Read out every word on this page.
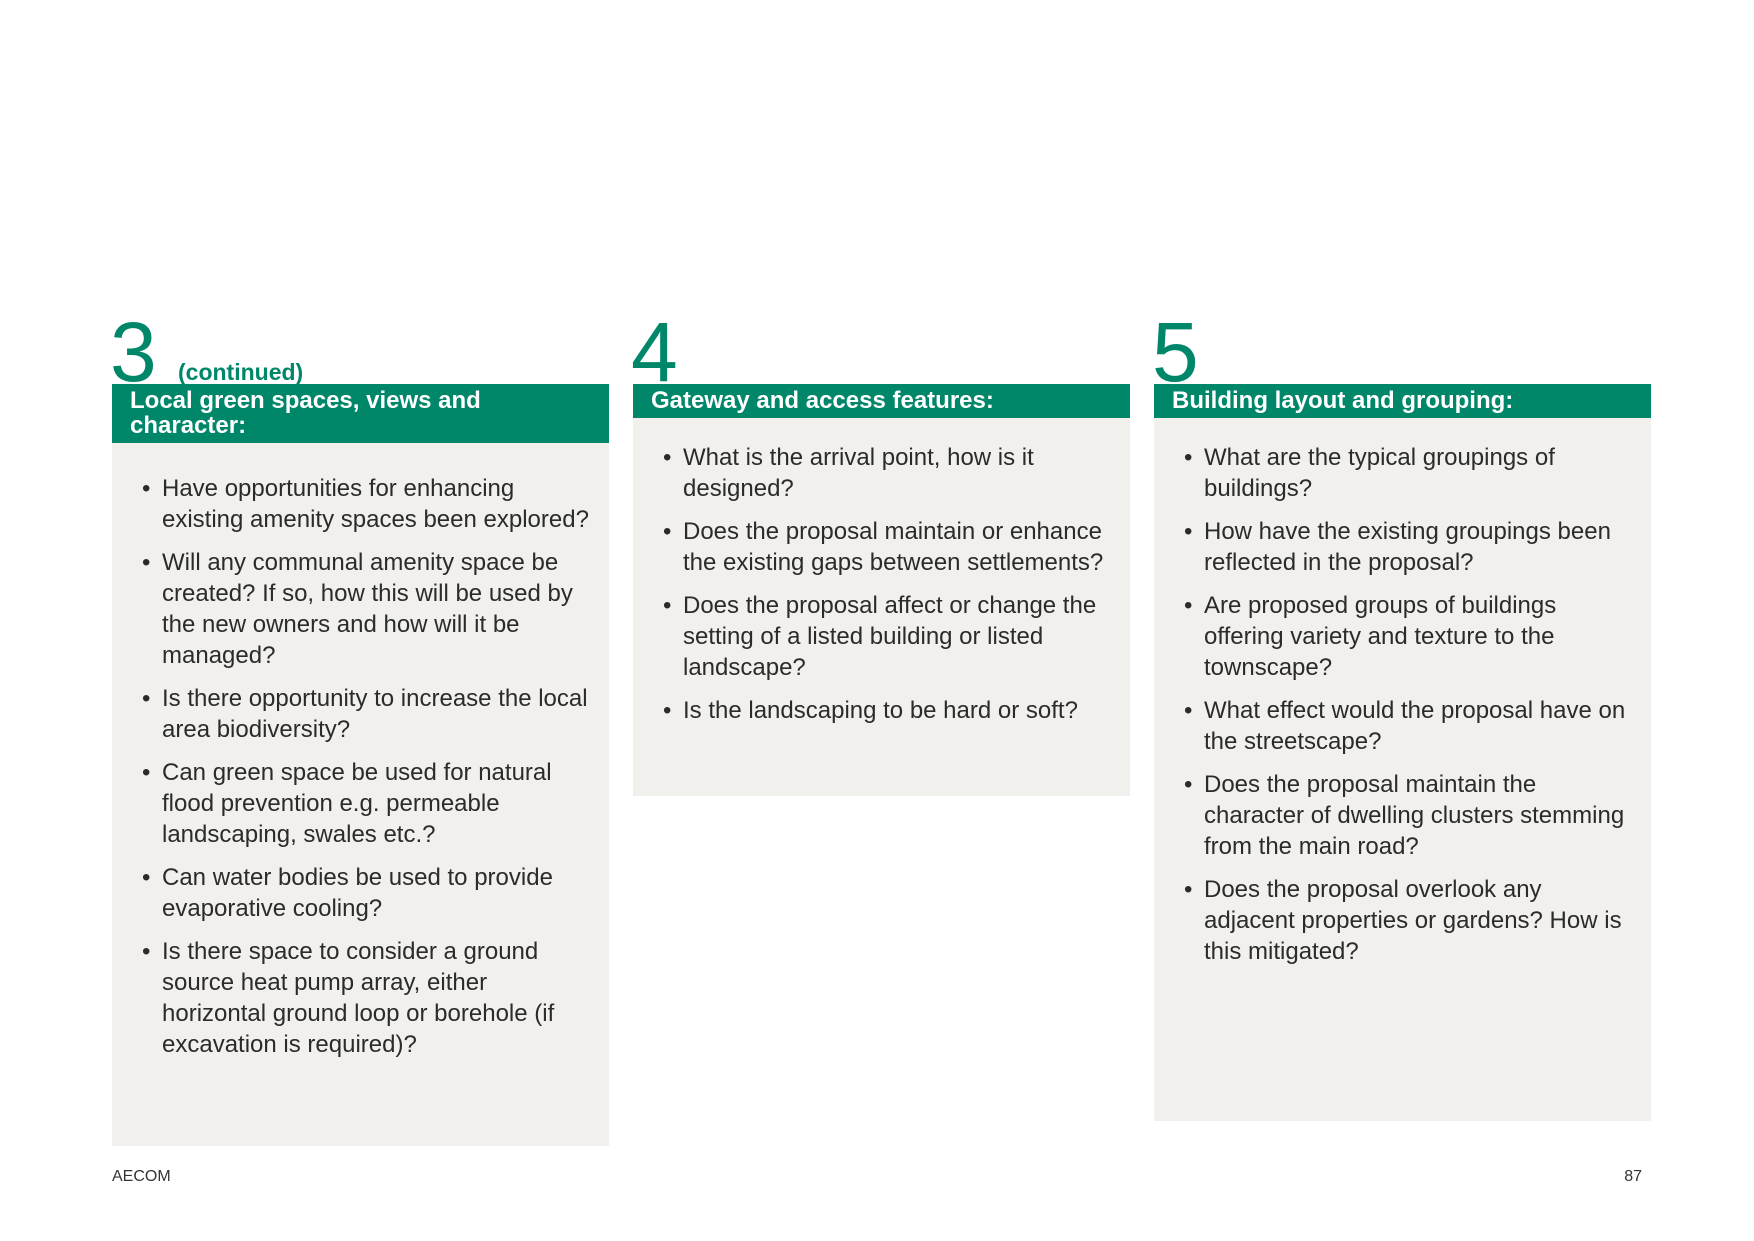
3 (continued)
Local green spaces, views and character:
• Have opportunities for enhancing existing amenity spaces been explored?
• Will any communal amenity space be created? If so, how this will be used by the new owners and how will it be managed?
• Is there opportunity to increase the local area biodiversity?
• Can green space be used for natural flood prevention e.g. permeable landscaping, swales etc.?
• Can water bodies be used to provide evaporative cooling?
• Is there space to consider a ground source heat pump array, either horizontal ground loop or borehole (if excavation is required)?
4
Gateway and access features:
• What is the arrival point, how is it designed?
• Does the proposal maintain or enhance the existing gaps between settlements?
• Does the proposal affect or change the setting of a listed building or listed landscape?
• Is the landscaping to be hard or soft?
5
Building layout and grouping:
• What are the typical groupings of buildings?
• How have the existing groupings been reflected in the proposal?
• Are proposed groups of buildings offering variety and texture to the townscape?
• What effect would the proposal have on the streetscape?
• Does the proposal maintain the character of dwelling clusters stemming from the main road?
• Does the proposal overlook any adjacent properties or gardens? How is this mitigated?
AECOM	87
